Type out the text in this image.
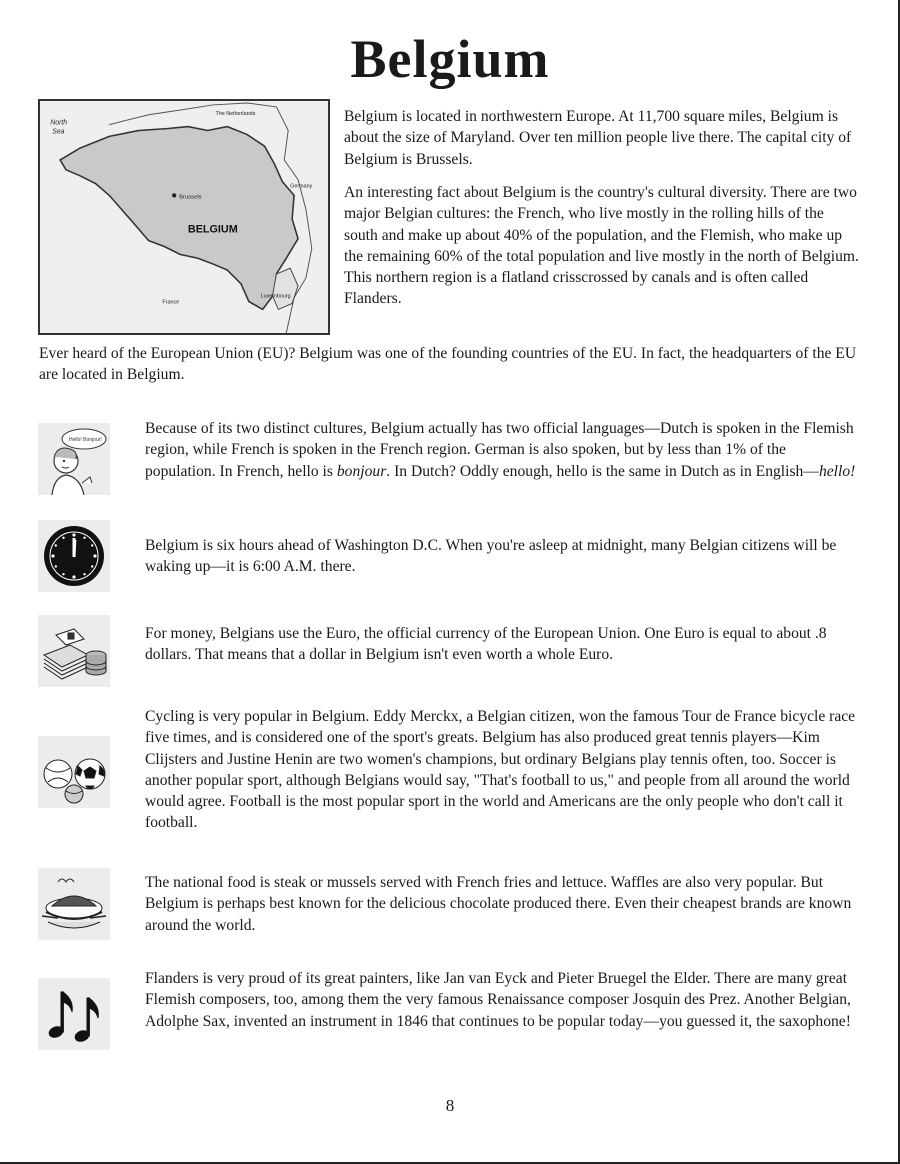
Belgium
Brussels
BELGIUM
North
Sea
The Netherlands
Germany
France
Luxembourg

Belgium is located in northwestern Europe. At 11,700 square miles, Belgium is about the size of Maryland. Over ten million people live there. The capital city of Belgium is Brussels.

An interesting fact about Belgium is the country's cultural diversity. There are two major Belgian cultures: the French, who live mostly in the rolling hills of the south and make up about 40% of the population, and the Flemish, who make up the remaining 60% of the total population and live mostly in the north of Belgium. This northern region is a flatland crisscrossed by canals and is often called Flanders.

Ever heard of the European Union (EU)? Belgium was one of the founding countries of the EU. In fact, the headquarters of the EU are located in Belgium.

Hello! Bonjour!

Because of its two distinct cultures, Belgium actually has two official languages—Dutch is spoken in the Flemish region, while French is spoken in the French region. German is also spoken, but by less than 1% of the population. In French, hello is bonjour. In Dutch? Oddly enough, hello is the same in Dutch as in English—hello!

Belgium is six hours ahead of Washington D.C. When you're asleep at midnight, many Belgian citizens will be waking up—it is 6:00 A.M. there.

For money, Belgians use the Euro, the official currency of the European Union. One Euro is equal to about .8 dollars. That means that a dollar in Belgium isn't even worth a whole Euro.

Cycling is very popular in Belgium. Eddy Merckx, a Belgian citizen, won the famous Tour de France bicycle race five times, and is considered one of the sport's greats. Belgium has also produced great tennis players—Kim Clijsters and Justine Henin are two women's champions, but ordinary Belgians play tennis often, too. Soccer is another popular sport, although Belgians would say, "That's football to us," and people from all around the world would agree. Football is the most popular sport in the world and Americans are the only people who don't call it football.

The national food is steak or mussels served with French fries and lettuce. Waffles are also very popular. But Belgium is perhaps best known for the delicious chocolate produced there. Even their cheapest brands are known around the world.

Flanders is very proud of its great painters, like Jan van Eyck and Pieter Bruegel the Elder. There are many great Flemish composers, too, among them the very famous Renaissance composer Josquin des Prez. Another Belgian, Adolphe Sax, invented an instrument in 1846 that continues to be popular today—you guessed it, the saxophone!

8
